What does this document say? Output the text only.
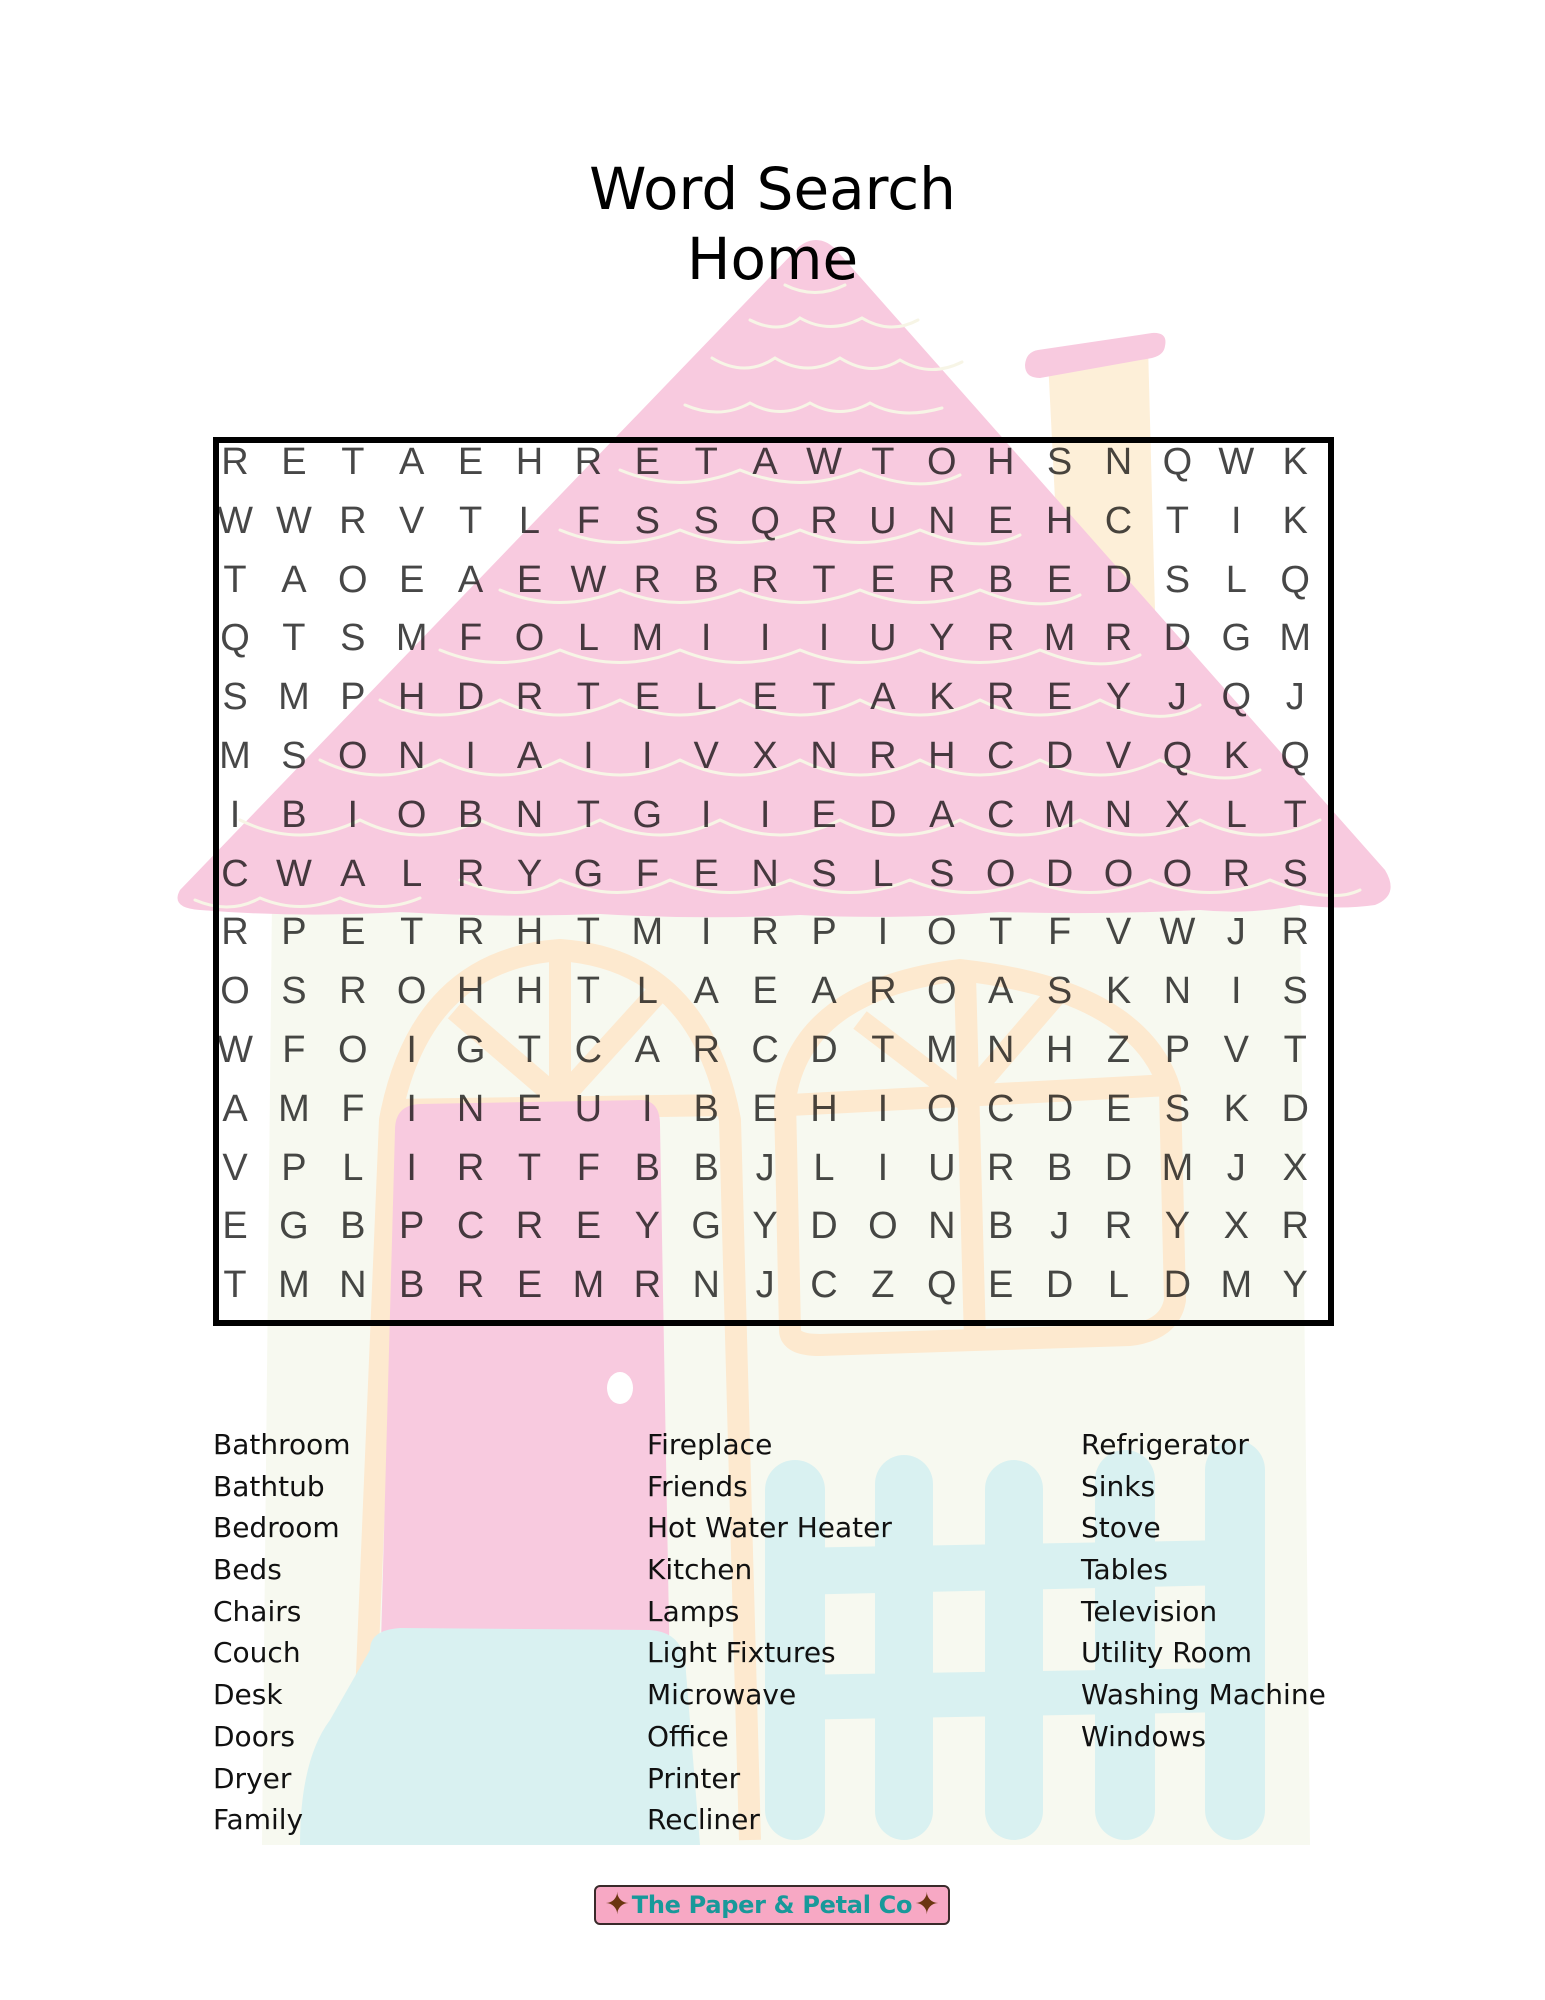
Word Search
Home
R E T A E H R E T A W T O H S N Q W K
W W R V T L F S S Q R U N E H C T	I	K
T A O E A E W R B R T E R B E D S L Q
Q T S M F O L M I	I	I	U Y R M R D G M
S M P H D R T E L E T A K R E Y J Q J
M S O N	I	A	I	I	V X N R H C D V Q K Q
I	B	I	O B N T G	I	I	E D A C M N X L T
C W A L R Y G F E N S L S O D O O R S
R P E T R H T M I	R P	I	O T F V W J R
O S R O H H T L A E A R O A S K N	I	S
W F O	I	G T C A R C D T M N H Z P V T
A M F	I	N E U	I	B E H	I	O C D E S K D
V P L	I	R T F B B J	L	I	U R B D M J X
E G B P C R E Y G Y D O N B J R Y X R
T M N B R E M R N J C Z Q E D L D M Y
Bathroom
Bathtub
Bedroom
Beds
Chairs
Couch
Desk
Doors
Dryer
Family
Fireplace
Friends
Hot Water Heater
Kitchen
Lamps
Light Fixtures
Microwave
Office
Printer
Recliner
Refrigerator
Sinks
Stove
Tables
Television
Utility Room
Washing Machine
Windows
✦ The Paper & Petal Co ✦
